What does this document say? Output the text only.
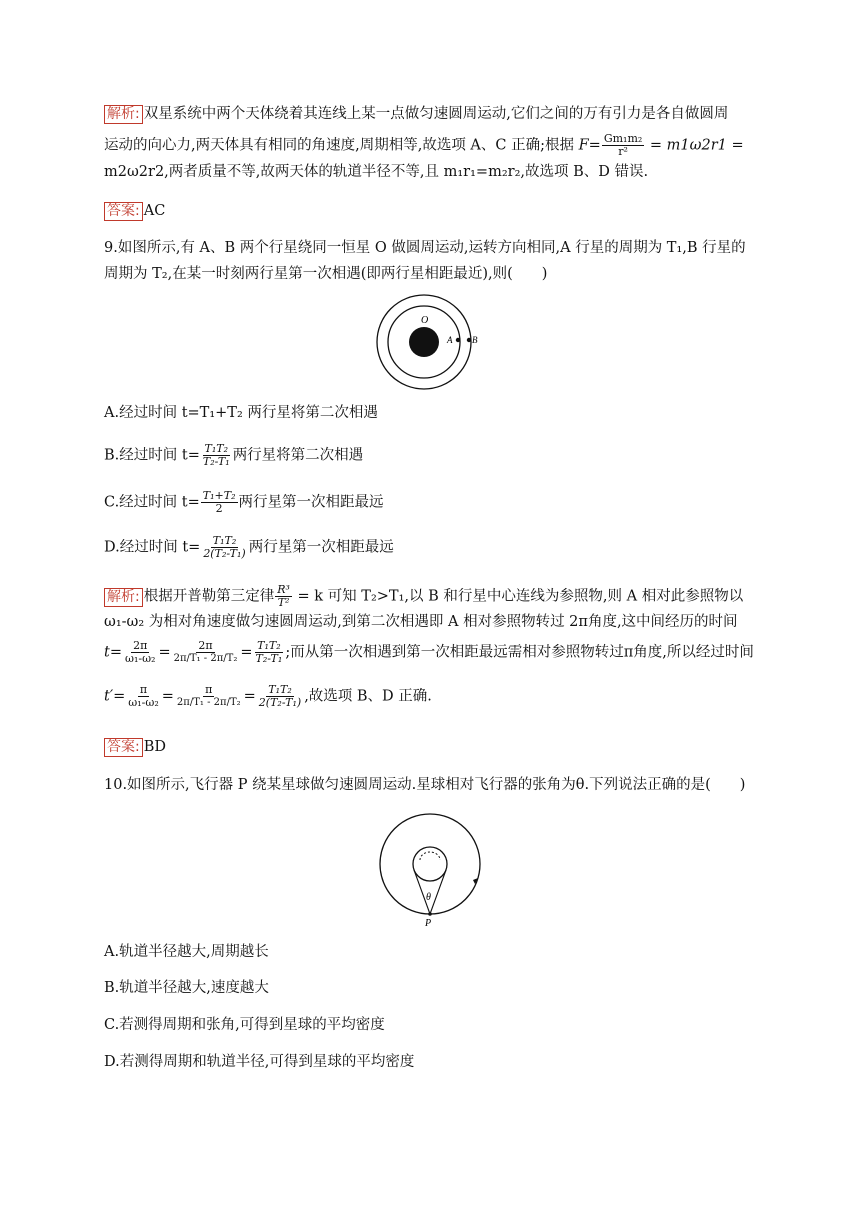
解析: 双星系统中两个天体绕着其连线上某一点做匀速圆周运动,它们之间的万有引力是各自做圆周
运动的向心力,两天体具有相同的角速度,周期相等,故选项 A、C 正确;根据 $F= \frac{\text{Gm₁m₂}}{\text{r²}} = m1\omega 2r1$ =
m2ω2r2,两者质量不等,故两天体的轨道半径不等,且 m₁r₁=m₂r₂,故选项 B、D 错误.
答案: AC
9.如图所示,有 A、B 两个行星绕同一恒星 O 做圆周运动,运转方向相同,A 行星的周期为 T₁,B 行星的
周期为 T₂,在某一时刻两行星第一次相遇(即两行星相距最近),则(　　)
O
A B
A.经过时间 t=T₁+T₂ 两行星将第二次相遇
B.经过时间 $t= \frac{\text{T₁T₂}}{\text{T₂-T₁}}$ 两行星将第二次相遇
C.经过时间 $t= \frac{\text{T₁+T₂}}{2}$ 两行星第一次相距最远
D.经过时间 $t= \frac{\text{T₁T₂}}{\text{2(T₂-T₁)}}$ 两行星第一次相距最远
解析: 根据开普勒第三定律 $\frac{\text{R³}}{\text{T²}} = k$ 可知 T₂>T₁,以 B 和行星中心连线为参照物,则 A 相对此参照物以
ω₁-ω₂ 为相对角速度做匀速圆周运动,到第二次相遇即 A 相对参照物转过 2π角度,这中间经历的时间
$t= \frac{2\pi}{\text{ω₁-ω₂}} = \frac{2\pi}{\text{2π/T₁ - 2π/T₂}} = \frac{\text{T₁T₂}}{\text{T₂-T₁}}$ ;而从第一次相遇到第一次相距最远需相对参照物转过π角度,所以经过时间
$t'= \frac{\pi}{\text{ω₁-ω₂}} = \frac{\pi}{\text{2π/T₁ - 2π/T₂}} = \frac{\text{T₁T₂}}{\text{2(T₂-T₁)}}$ ,故选项 B、D 正确.
答案: BD
10.如图所示,飞行器 P 绕某星球做匀速圆周运动.星球相对飞行器的张角为θ.下列说法正确的是(　　)
θ
P
A.轨道半径越大,周期越长
B.轨道半径越大,速度越大
C.若测得周期和张角,可得到星球的平均密度
D.若测得周期和轨道半径,可得到星球的平均密度
